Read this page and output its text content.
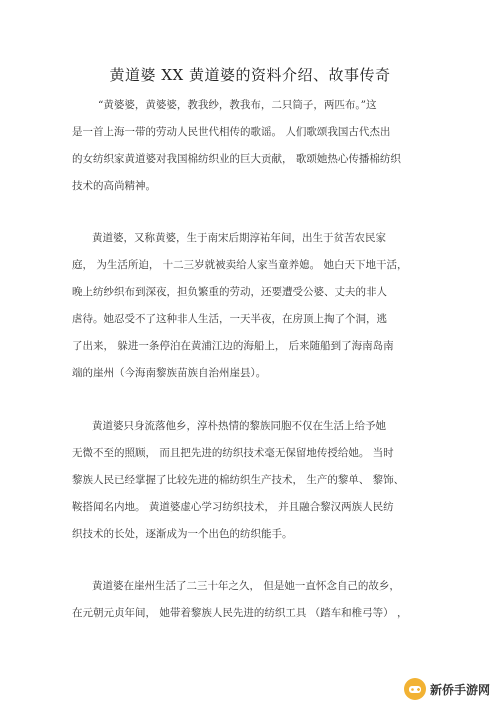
黄道婆 XX 黄道婆的资料介绍、故事传奇
“黄婆婆，黄婆婆，教我纱，教我布，二只筒子，两匹布。”这
是一首上海一带的劳动人民世代相传的歌谣。 人们歌颂我国古代杰出
的女纺织家黄道婆对我国棉纺织业的巨大贡献， 歌颂她热心传播棉纺织
技术的高尚精神。
黄道婆，又称黄婆，生于南宋后期淳祐年间，出生于贫苦农民家
庭， 为生活所迫， 十二三岁就被卖给人家当童养媳。 她白天下地干活，
晚上纺纱织布到深夜，担负繁重的劳动，还要遭受公婆、丈夫的非人
虐待。她忍受不了这种非人生活，一天半夜，在房顶上掏了个洞，逃
了出来， 躲进一条停泊在黄浦江边的海船上， 后来随船到了海南岛南
端的崖州（今海南黎族苗族自治州崖县）。
黄道婆只身流落他乡，淳朴热情的黎族同胞不仅在生活上给予她
无微不至的照顾， 而且把先进的纺织技术毫无保留地传授给她。 当时
黎族人民已经掌握了比较先进的棉纺织生产技术， 生产的黎单、 黎饰、
鞍搭闻名内地。 黄道婆虚心学习纺织技术， 并且融合黎汉两族人民纺
织技术的长处，逐渐成为一个出色的纺织能手。
黄道婆在崖州生活了二三十年之久， 但是她一直怀念自己的故乡，
在元朝元贞年间， 她带着黎族人民先进的纺织工具 （踏车和椎弓等） ，
新侨手游网
